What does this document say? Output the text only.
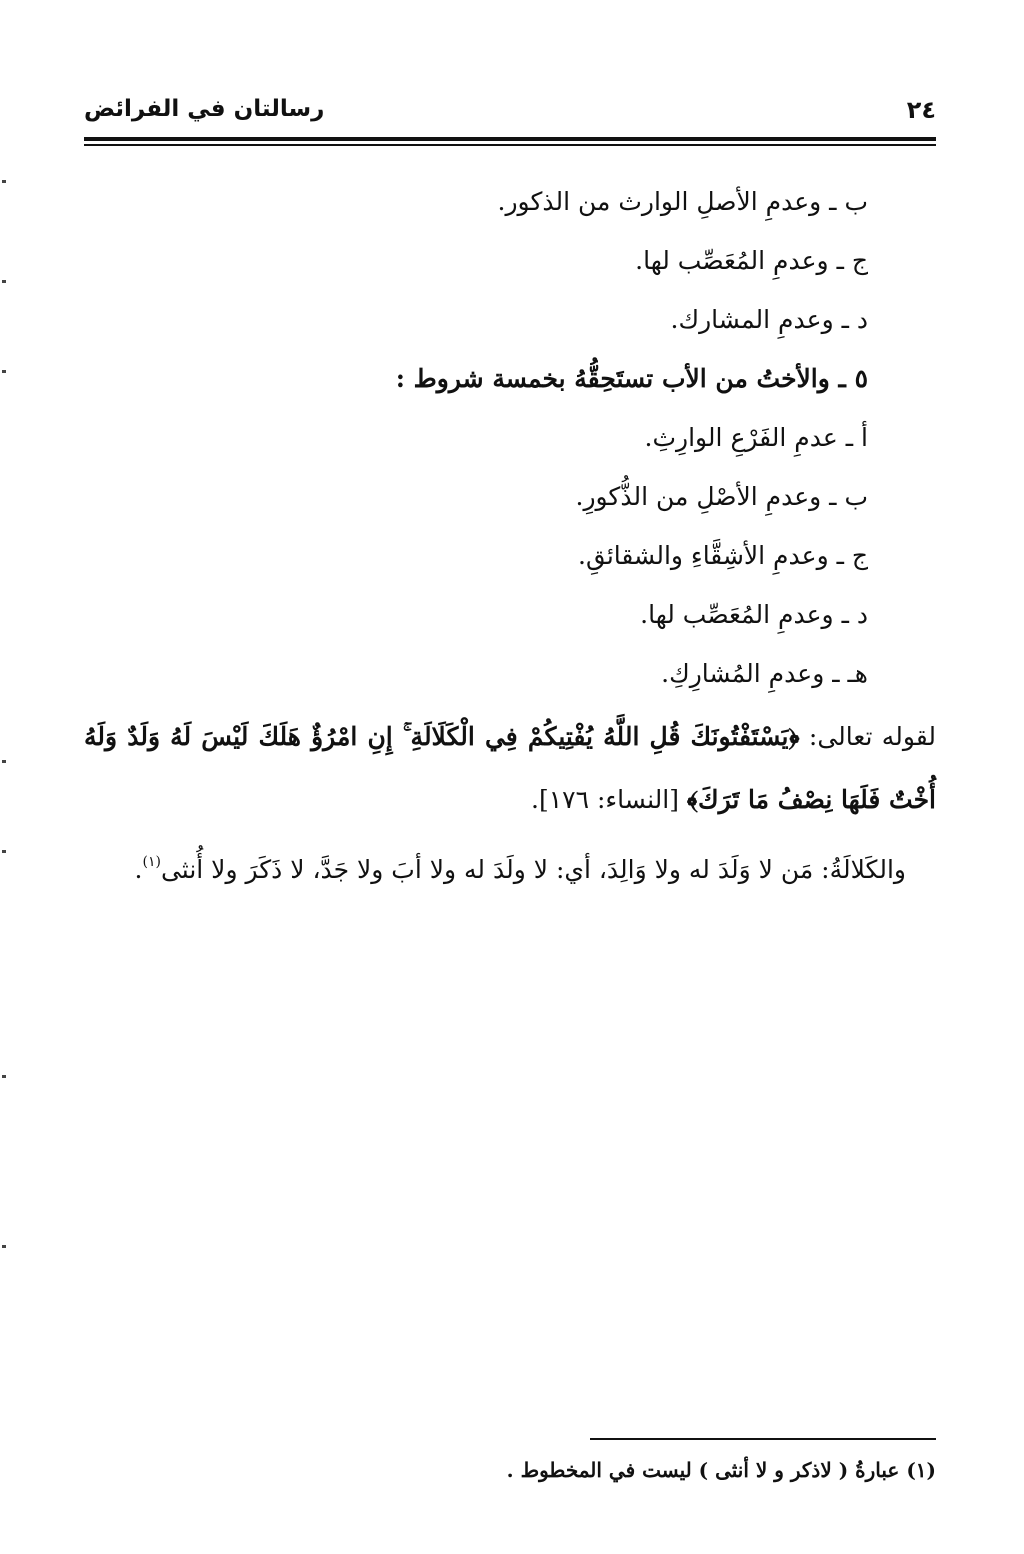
٢٤
رسالتان في الفرائض
ب ـ وعدمِ الأصلِ الوارث من الذكور.
ج ـ وعدمِ المُعَصِّب لها.
د ـ وعدمِ المشارك.
٥ ـ والأختُ من الأب تستَحِقُّهُ بخمسة شروط :
أ ـ عدمِ الفَرْعِ الوارِثِ.
ب ـ وعدمِ الأصْلِ من الذُّكورِ.
ج ـ وعدمِ الأشِقَّاءِ والشقائقِ.
د ـ وعدمِ المُعَصِّب لها.
هـ ـ وعدمِ المُشارِكِ.
لقوله تعالى: ﴿يَسْتَفْتُونَكَ قُلِ اللَّهُ يُفْتِيكُمْ فِي الْكَلَالَةِ ۚ إِنِ امْرُؤٌ هَلَكَ لَيْسَ لَهُ وَلَدٌ وَلَهُ أُخْتٌ فَلَهَا نِصْفُ مَا تَرَكَ﴾ [النساء: ١٧٦].
والكَلالَةُ: مَن لا وَلَدَ له ولا وَالِدَ، أي: لا ولَدَ له ولا أبَ ولا جَدَّ، لا ذَكَرَ ولا أُنثى$^{(١)}$.
(١) عبارةُ ( لاذكر و لا أنثى ) ليست في المخطوط .
